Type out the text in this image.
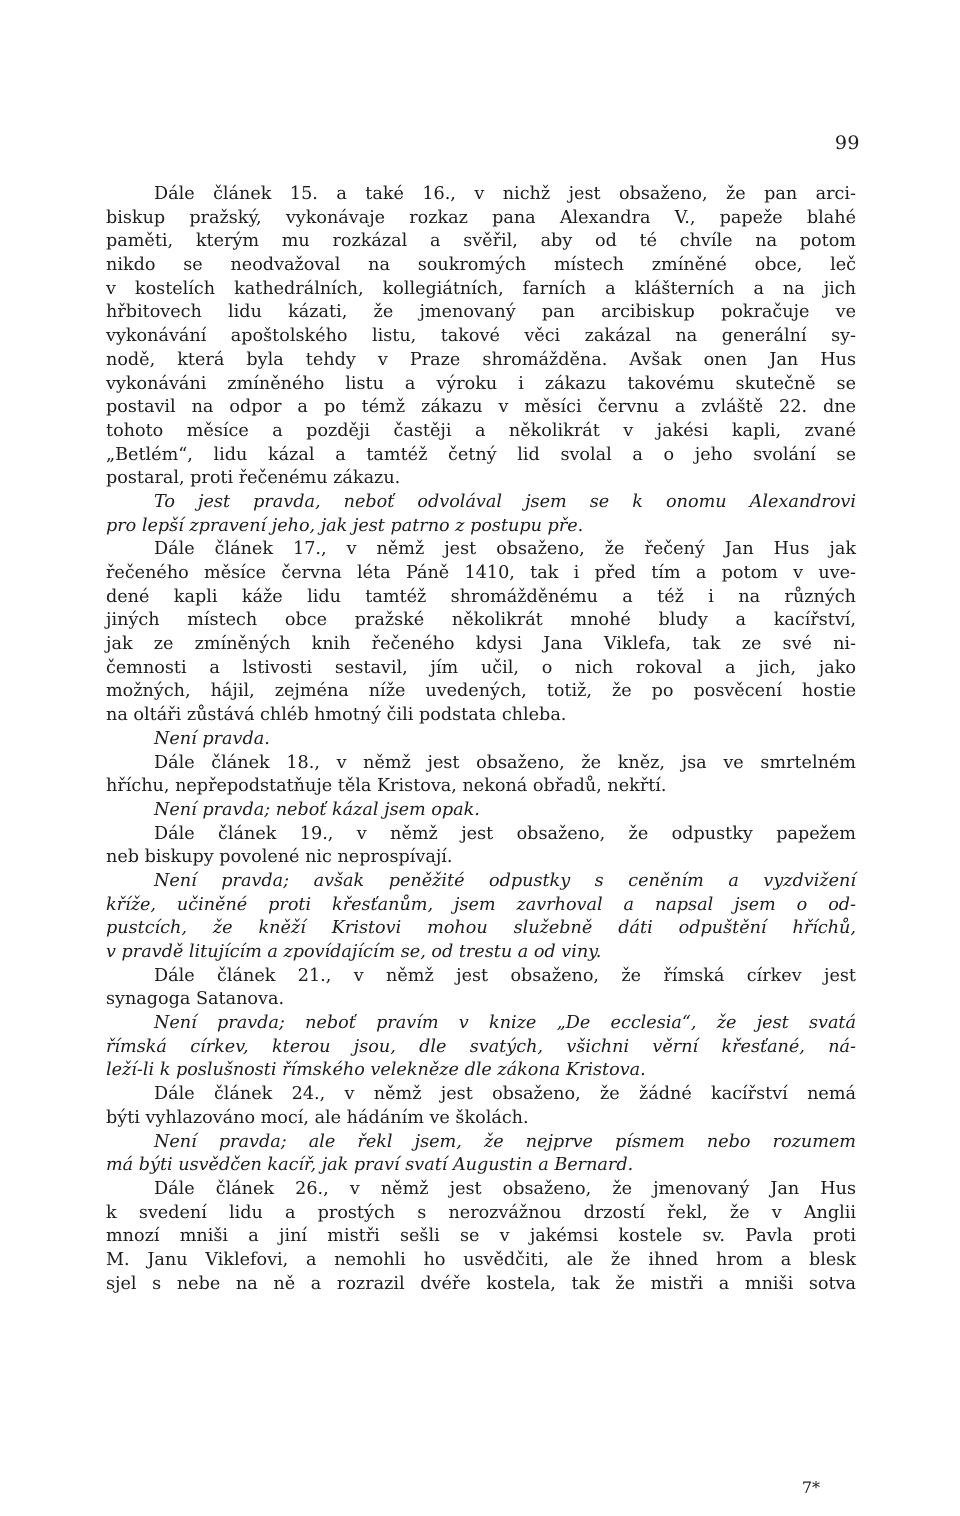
99
Dále článek 15. a také 16., v nichž jest obsaženo, že pan arci-
biskup pražský, vykonávaje rozkaz pana Alexandra V., papeže blahé
paměti, kterým mu rozkázal a svěřil, aby od té chvíle na potom
nikdo se neodvažoval na soukromých místech zmíněné obce, leč
v kostelích kathedrálních, kollegiátních, farních a klášterních a na jich
hřbitovech lidu kázati, že jmenovaný pan arcibiskup pokračuje ve
vykonávání apoštolského listu, takové věci zakázal na generální sy-
nodě, která byla tehdy v Praze shromážděna. Avšak onen Jan Hus
vykonáváni zmíněného listu a výroku i zákazu takovému skutečně se
postavil na odpor a po témž zákazu v měsíci červnu a zvláště 22. dne
tohoto měsíce a později častěji a několikrát v jakési kapli, zvané
„Betlém“, lidu kázal a tamtéž četný lid svolal a o jeho svolání se
postaral, proti řečenému zákazu.
To jest pravda, neboť odvolával jsem se k onomu Alexandrovi
pro lepší zpravení jeho, jak jest patrno z postupu pře.
Dále článek 17., v němž jest obsaženo, že řečený Jan Hus jak
řečeného měsíce června léta Páně 1410, tak i před tím a potom v uve-
dené kapli káže lidu tamtéž shromážděnému a též i na různých
jiných místech obce pražské několikrát mnohé bludy a kacířství,
jak ze zmíněných knih řečeného kdysi Jana Viklefa, tak ze své ni-
čemnosti a lstivosti sestavil, jím učil, o nich rokoval a jich, jako
možných, hájil, zejména níže uvedených, totiž, že po posvěcení hostie
na oltáři zůstává chléb hmotný čili podstata chleba.
Není pravda.
Dále článek 18., v němž jest obsaženo, že kněz, jsa ve smrtelném
hříchu, nepřepodstatňuje těla Kristova, nekoná obřadů, nekřtí.
Není pravda; neboť kázal jsem opak.
Dále článek 19., v němž jest obsaženo, že odpustky papežem
neb biskupy povolené nic neprospívají.
Není pravda; avšak peněžité odpustky s ceněním a vyzdvižení
kříže, učiněné proti křesťanům, jsem zavrhoval a napsal jsem o od-
pustcích, že kněží Kristovi mohou služebně dáti odpuštění hříchů,
v pravdě litujícím a zpovídajícím se, od trestu a od viny.
Dále článek 21., v němž jest obsaženo, že římská církev jest
synagoga Satanova.
Není pravda; neboť pravím v knize „De ecclesia“, že jest svatá
římská církev, kterou jsou, dle svatých, všichni věrní křesťané, ná-
leží-li k poslušnosti římského velekněze dle zákona Kristova.
Dále článek 24., v němž jest obsaženo, že žádné kacířství nemá
býti vyhlazováno mocí, ale hádáním ve školách.
Není pravda; ale řekl jsem, že nejprve písmem nebo rozumem
má býti usvědčen kacíř, jak praví svatí Augustin a Bernard.
Dále článek 26., v němž jest obsaženo, že jmenovaný Jan Hus
k svedení lidu a prostých s nerozvážnou drzostí řekl, že v Anglii
mnozí mniši a jiní mistři sešli se v jakémsi kostele sv. Pavla proti
M. Janu Viklefovi, a nemohli ho usvědčiti, ale že ihned hrom a blesk
sjel s nebe na ně a rozrazil dvéře kostela, tak že mistři a mniši sotva
7*
